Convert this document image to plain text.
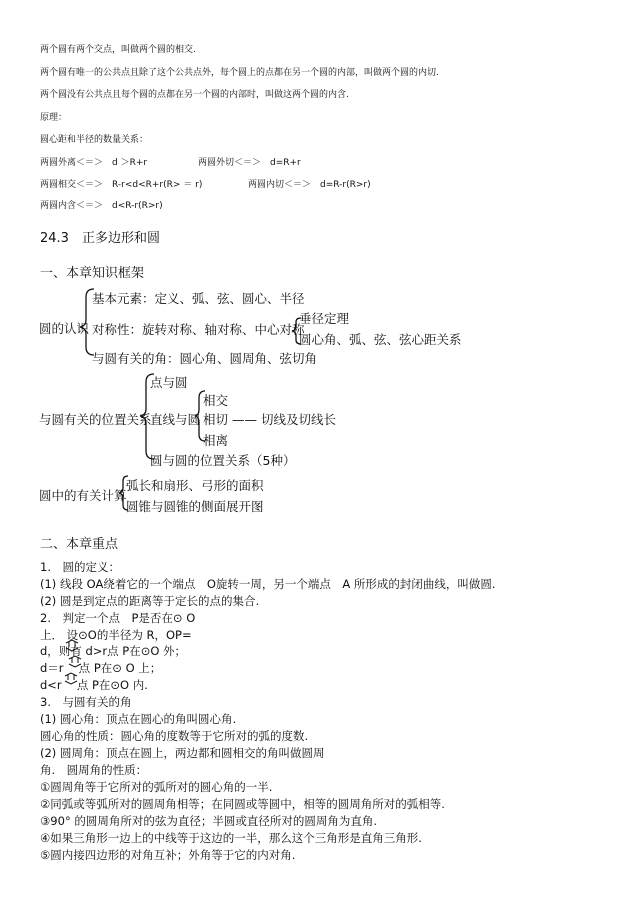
两个圆有两个交点，叫做两个圆的相交.
两个圆有唯一的公共点且除了这个公共点外，每个圆上的点都在另一个圆的内部，叫做两个圆的内切.
两个圆没有公共点且每个圆的点都在另一个圆的内部时，叫做这两个圆的内含.
原理：
圆心距和半径的数量关系：
两圆外离＜＝＞　d ＞R+r	两圆外切＜＝＞　d=R+r
两圆相交＜＝＞　R-r<d<R+r(R> ＝ r)	两圆内切＜＝＞　d=R-r(R>r)
两圆内含＜＝＞　d<R-r(R>r)
24.3　正多边形和圆
一、本章知识框架
圆的认识
基本元素：定义、弧、弦、圆心、半径
对称性：旋转对称、轴对称、中心对称
垂径定理
圆心角、弧、弦、弦心距关系
与圆有关的角：圆心角、圆周角、弦切角
与圆有关的位置关系
点与圆
直线与圆
相交
相切 —— 切线及切线长
相离
圆与圆的位置关系（5种）
圆中的有关计算
弧长和扇形、弓形的面积
圆锥与圆锥的侧面展开图
二、本章重点
1.　圆的定义：
(1) 线段 OA绕着它的一个端点　O旋转一周，另一个端点　A 所形成的封闭曲线，叫做圆.
(2) 圆是到定点的距离等于定长的点的集合.
2.　判定一个点　P是否在⊙ O
上． 设⊙O的半径为 R，OP=
d，则有 d>r点 P在⊙O 外；
d＝r　 点 P在⊙ O 上；
d<r　 点 P在⊙O 内.
3.　与圆有关的角
(1) 圆心角：顶点在圆心的角叫圆心角.
圆心角的性质：圆心角的度数等于它所对的弧的度数.
(2) 圆周角：顶点在圆上，两边都和圆相交的角叫做圆周
角.　圆周角的性质：
①圆周角等于它所对的弧所对的圆心角的一半.
②同弧或等弧所对的圆周角相等；在同圆或等圆中，相等的圆周角所对的弧相等.
③90° 的圆周角所对的弦为直径；半圆或直径所对的圆周角为直角.
④如果三角形一边上的中线等于这边的一半，那么这个三角形是直角三角形.
⑤圆内接四边形的对角互补；外角等于它的内对角.
